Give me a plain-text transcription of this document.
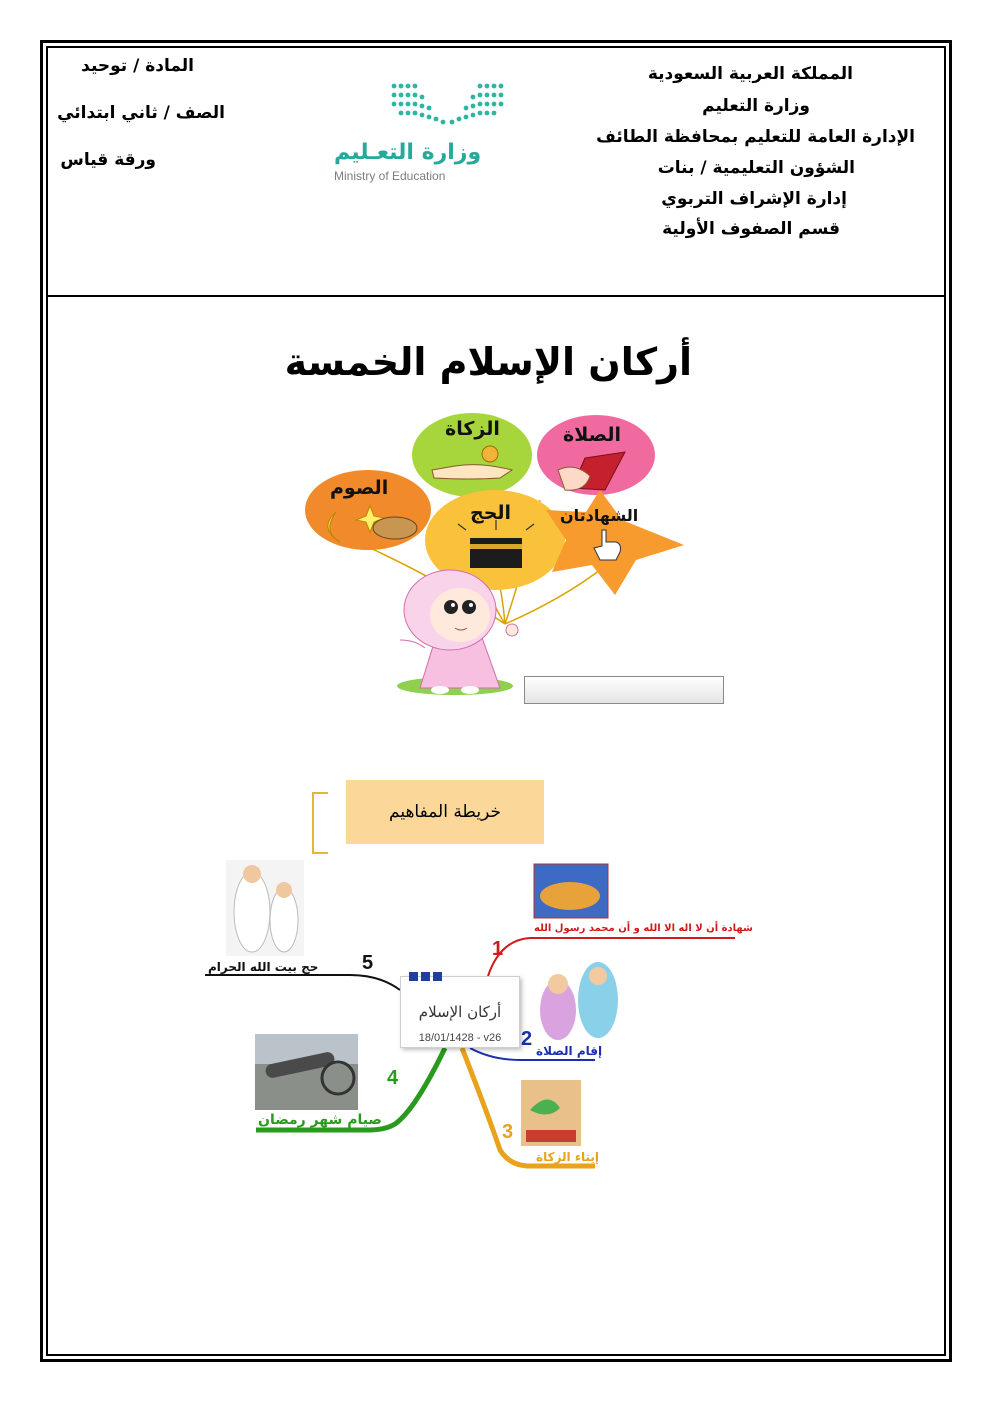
المملكة العربية السعودية
وزارة التعليم
الإدارة العامة للتعليم بمحافظة الطائف
الشؤون التعليمية / بنات
إدارة الإشراف التربوي
قسم الصفوف الأولية
المادة / توحيد
الصف / ثاني ابتدائي
ورقة قياس	وزارة التعـليم
Ministry of Education
أركان الإسلام الخمسة
الزكاة	الصلاة
الصوم
الحج	الشهادتان
خريطة المفاهيم
1
شهادة أن لا اله الا الله و أن محمد رسول الله
2
إقام الصلاة
3
إيتاء الزكاة
4
صيام شهر رمضان
5
حج بيت الله الحرام
أركان الإسلام
18/01/1428 - v26
